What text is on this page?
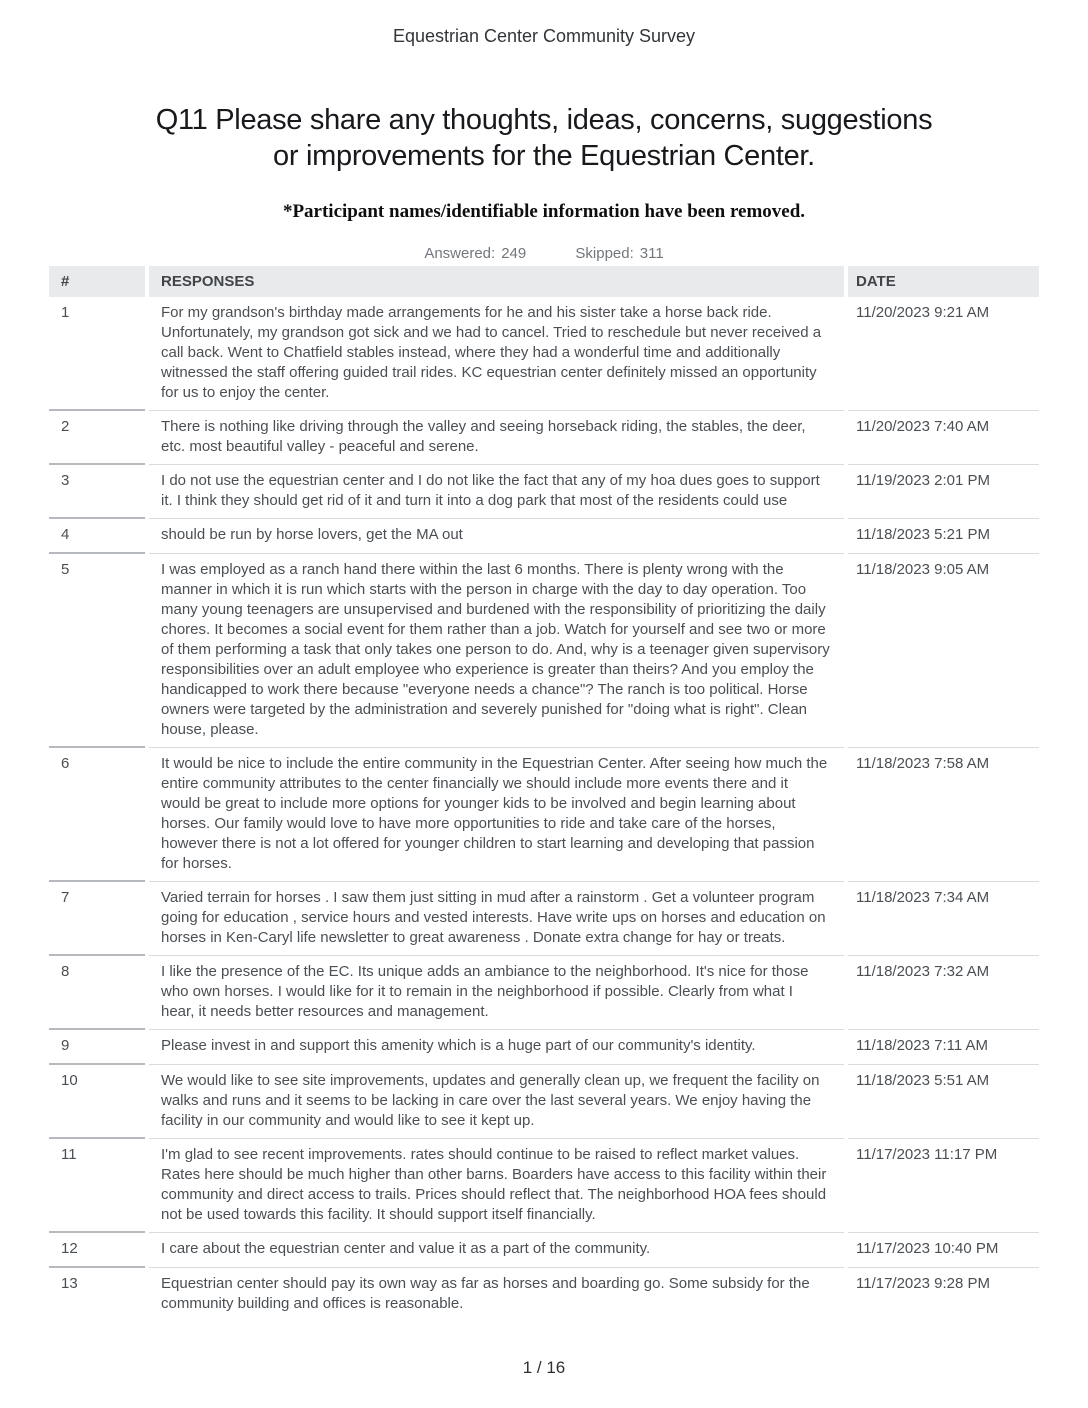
Equestrian Center Community Survey
Q11 Please share any thoughts, ideas, concerns, suggestions
or improvements for the Equestrian Center.
*Participant names/identifiable information have been removed.
Answered: 249	Skipped: 311
#	RESPONSES	DATE
1	For my grandson's birthday made arrangements for he and his sister take a horse back ride. Unfortunately, my grandson got sick and we had to cancel. Tried to reschedule but never received a call back. Went to Chatfield stables instead, where they had a wonderful time and additionally witnessed the staff offering guided trail rides. KC equestrian center definitely missed an opportunity for us to enjoy the center.	11/20/2023 9:21 AM
2	There is nothing like driving through the valley and seeing horseback riding, the stables, the deer, etc. most beautiful valley - peaceful and serene.	11/20/2023 7:40 AM
3	I do not use the equestrian center and I do not like the fact that any of my hoa dues goes to support it. I think they should get rid of it and turn it into a dog park that most of the residents could use	11/19/2023 2:01 PM
4	should be run by horse lovers, get the MA out	11/18/2023 5:21 PM
5	I was employed as a ranch hand there within the last 6 months. There is plenty wrong with the manner in which it is run which starts with the person in charge with the day to day operation. Too many young teenagers are unsupervised and burdened with the responsibility of prioritizing the daily chores. It becomes a social event for them rather than a job. Watch for yourself and see two or more of them performing a task that only takes one person to do. And, why is a teenager given supervisory responsibilities over an adult employee who experience is greater than theirs? And you employ the handicapped to work there because "everyone needs a chance"? The ranch is too political. Horse owners were targeted by the administration and severely punished for "doing what is right". Clean house, please.	11/18/2023 9:05 AM
6	It would be nice to include the entire community in the Equestrian Center. After seeing how much the entire community attributes to the center financially we should include more events there and it would be great to include more options for younger kids to be involved and begin learning about horses. Our family would love to have more opportunities to ride and take care of the horses, however there is not a lot offered for younger children to start learning and developing that passion for horses.	11/18/2023 7:58 AM
7	Varied terrain for horses . I saw them just sitting in mud after a rainstorm . Get a volunteer program going for education , service hours and vested interests. Have write ups on horses and education on horses in Ken-Caryl life newsletter to great awareness . Donate extra change for hay or treats.	11/18/2023 7:34 AM
8	I like the presence of the EC. Its unique adds an ambiance to the neighborhood. It's nice for those who own horses. I would like for it to remain in the neighborhood if possible. Clearly from what I hear, it needs better resources and management.	11/18/2023 7:32 AM
9	Please invest in and support this amenity which is a huge part of our community's identity.	11/18/2023 7:11 AM
10	We would like to see site improvements, updates and generally clean up, we frequent the facility on walks and runs and it seems to be lacking in care over the last several years. We enjoy having the facility in our community and would like to see it kept up.	11/18/2023 5:51 AM
11	I'm glad to see recent improvements. rates should continue to be raised to reflect market values. Rates here should be much higher than other barns. Boarders have access to this facility within their community and direct access to trails. Prices should reflect that. The neighborhood HOA fees should not be used towards this facility. It should support itself financially.	11/17/2023 11:17 PM
12	I care about the equestrian center and value it as a part of the community.	11/17/2023 10:40 PM
13	Equestrian center should pay its own way as far as horses and boarding go. Some subsidy for the community building and offices is reasonable.	11/17/2023 9:28 PM
1 / 16
